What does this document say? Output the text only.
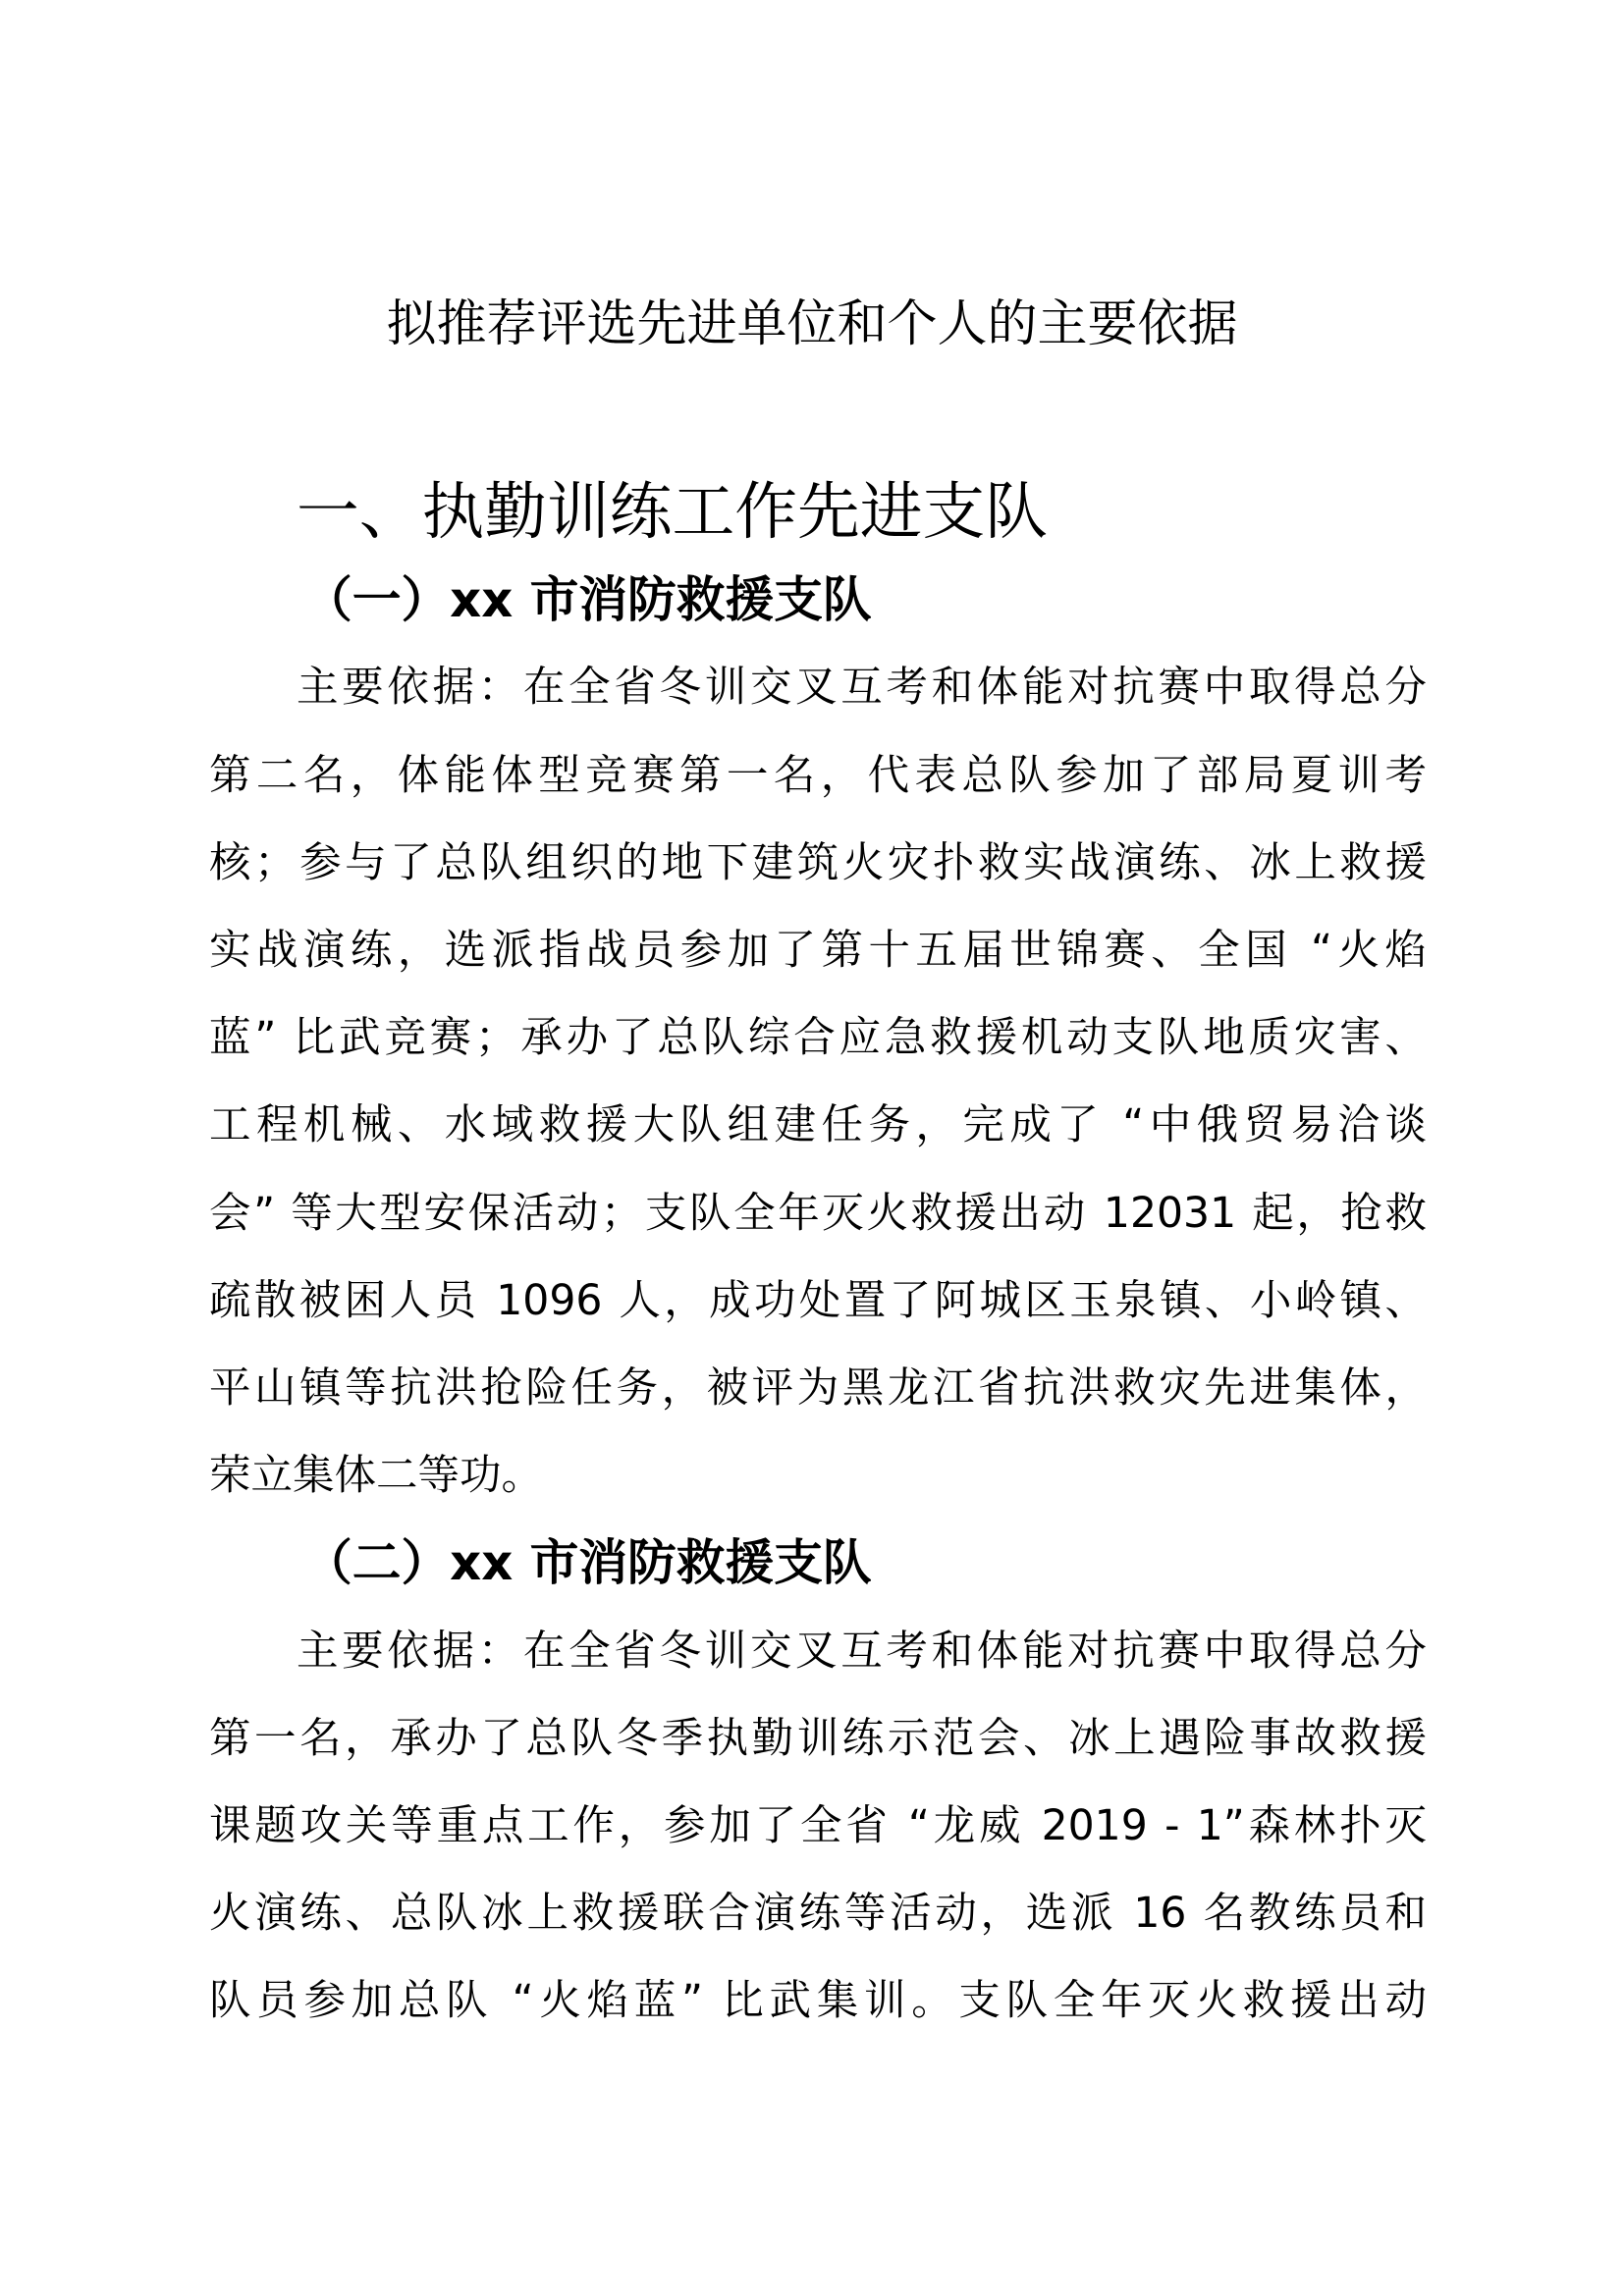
拟推荐评选先进单位和个人的主要依据
一、执勤训练工作先进支队
（一）xx 市消防救援支队
主要依据：在全省冬训交叉互考和体能对抗赛中取得总分
第二名，体能体型竞赛第一名，代表总队参加了部局夏训考
核；参与了总队组织的地下建筑火灾扑救实战演练、冰上救援
实战演练，选派指战员参加了第十五届世锦赛、全国 “火焰
蓝” 比武竞赛；承办了总队综合应急救援机动支队地质灾害、
工程机械、水域救援大队组建任务，完成了 “中俄贸易洽谈
会” 等大型安保活动；支队全年灭火救援出动 12031 起，抢救
疏散被困人员 1096 人，成功处置了阿城区玉泉镇、小岭镇、
平山镇等抗洪抢险任务，被评为黑龙江省抗洪救灾先进集体，
荣立集体二等功。
（二）xx 市消防救援支队
主要依据：在全省冬训交叉互考和体能对抗赛中取得总分
第一名，承办了总队冬季执勤训练示范会、冰上遇险事故救援
课题攻关等重点工作，参加了全省 “龙威 2019 - 1”森林扑灭
火演练、总队冰上救援联合演练等活动，选派 16 名教练员和
队员参加总队 “火焰蓝” 比武集训。支队全年灭火救援出动
